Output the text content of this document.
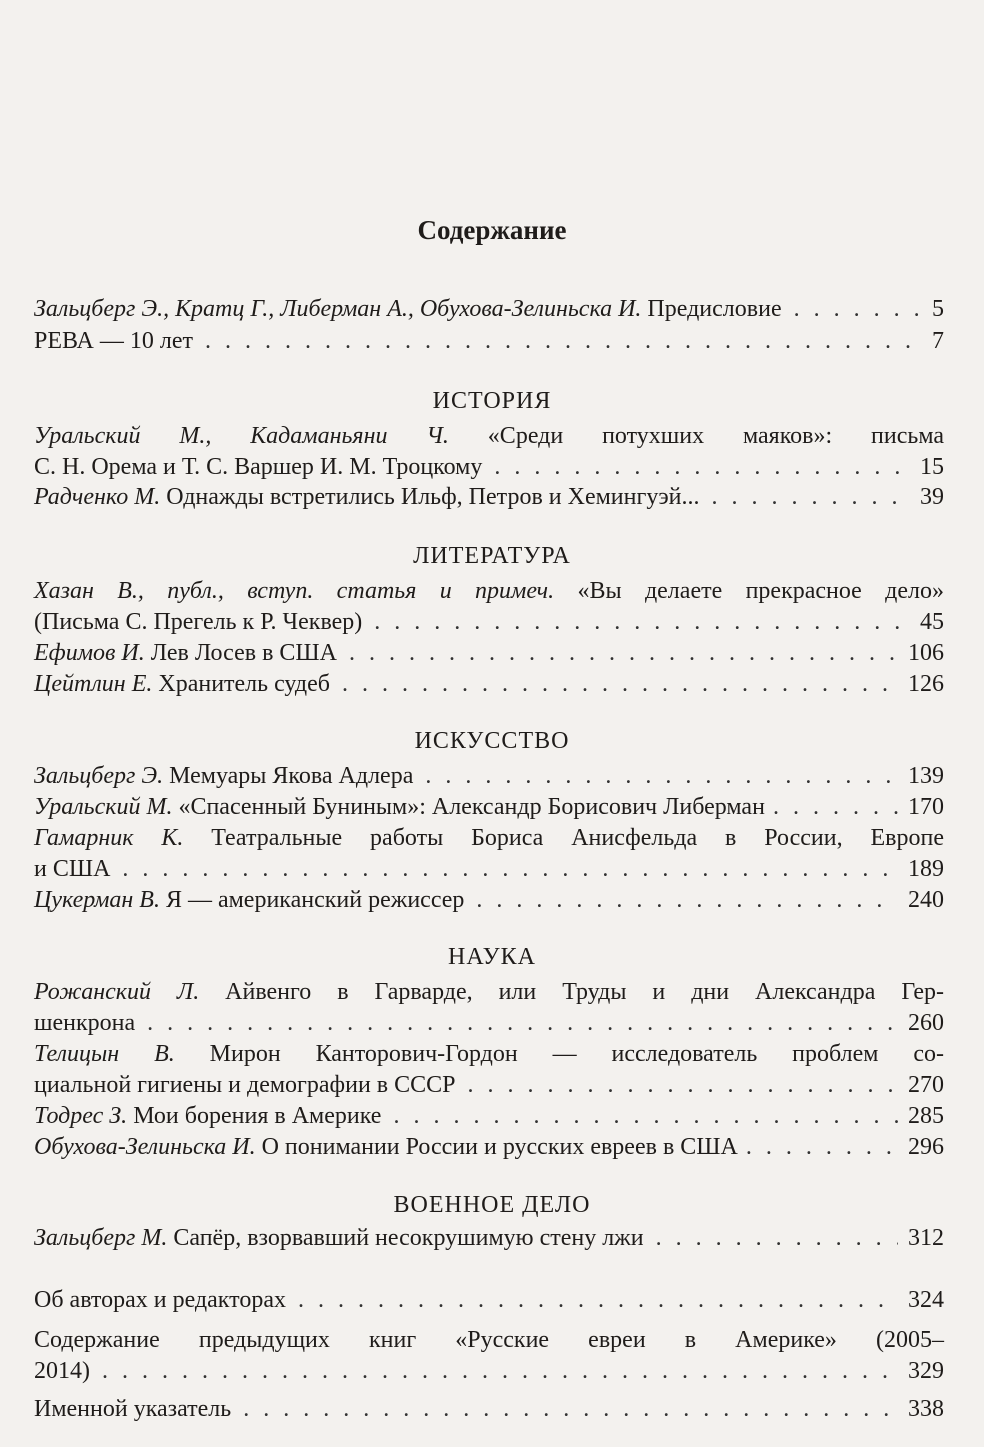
Содержание
Зальцберг Э., Кратц Г., Либерман А., Обухова-Зелиньска И. Предисловие . . .	5
РЕВА — 10 лет . . .	7
ИСТОРИЯ
Уральский М., Кадаманьяни Ч. «Среди потухших маяков»: письма
С. Н. Орема и Т. С. Варшер И. М. Троцкому . . .	15
Радченко М. Однажды встретились Ильф, Петров и Хемингуэй... . . .	39
ЛИТЕРАТУРА
Хазан В., публ., вступ. статья и примеч. «Вы делаете прекрасное дело»
(Письма С. Прегель к Р. Чеквер) . . .	45
Ефимов И. Лев Лосев в США . . .	106
Цейтлин Е. Хранитель судеб . . .	126
ИСКУССТВО
Зальцберг Э. Мемуары Якова Адлера . . .	139
Уральский М. «Спасенный Буниным»: Александр Борисович Либерман . . .	170
Гамарник К. Театральные работы Бориса Анисфельда в России, Европе
и США . . .	189
Цукерман В. Я — американский режиссер . . .	240
НАУКА
Рожанский Л. Айвенго в Гарварде, или Труды и дни Александра Гер-
шенкрона . . .	260
Телицын В. Мирон Канторович-Гордон — исследователь проблем со-
циальной гигиены и демографии в СССР . . .	270
Тодрес З. Мои борения в Америке . . .	285
Обухова-Зелиньска И. О понимании России и русских евреев в США . . .	296
ВОЕННОЕ ДЕЛО
Зальцберг М. Сапёр, взорвавший несокрушимую стену лжи . . .	312
Об авторах и редакторах . . .	324
Содержание предыдущих книг «Русские евреи в Америке» (2005–
2014) . . .	329
Именной указатель . . .	338
